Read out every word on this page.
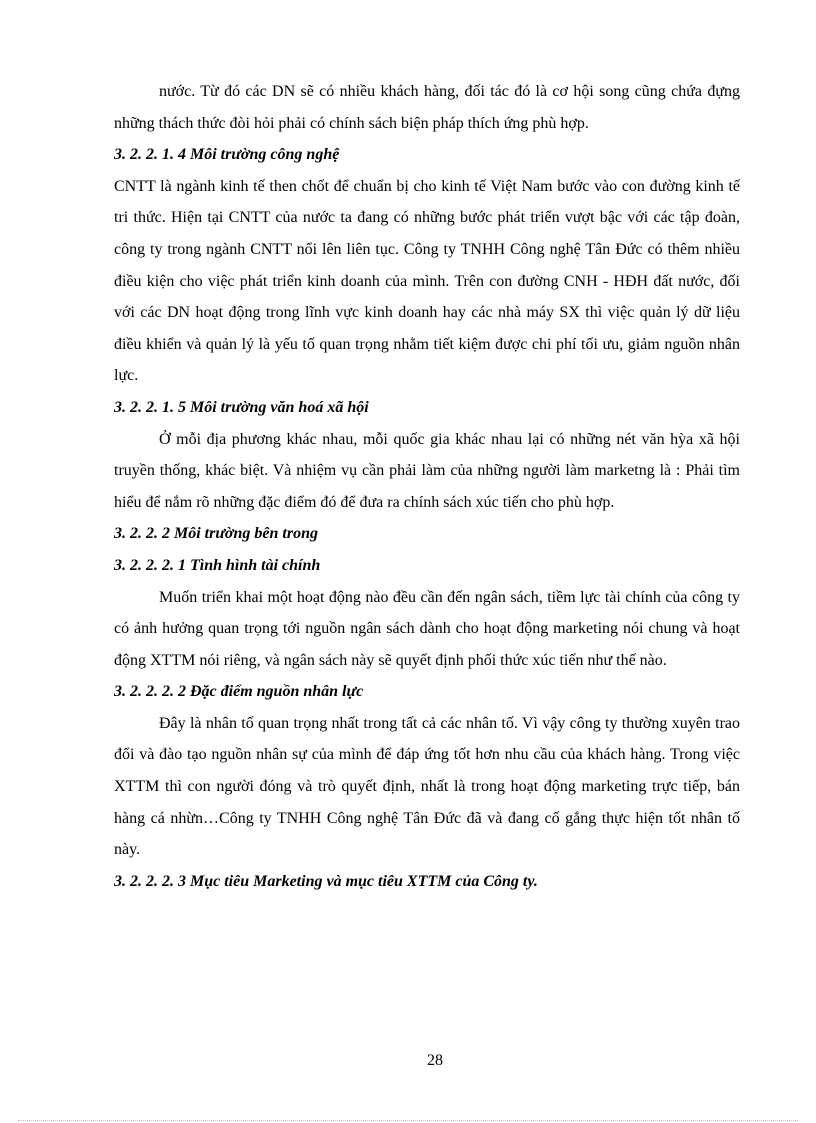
nước. Từ đó các DN sẽ có nhiều khách hàng, đối tác đó là cơ hội song cũng chứa đựng những thách thức đòi hỏi phải có chính sách biện pháp thích ứng phù hợp.

3. 2. 2. 1. 4 Môi trường công nghệ

CNTT là ngành kinh tế then chốt để chuẩn bị cho kinh tế Việt Nam bước vào con đường kinh tế tri thức. Hiện tại CNTT của nước ta đang có những bước phát triển vượt bậc với các tập đoàn, công ty trong ngành CNTT nổi lên liên tục. Công ty TNHH Công nghệ Tân Đức có thêm nhiều điều kiện cho việc phát triển kinh doanh của mình. Trên con đường CNH - HĐH đất nước, đối với các DN hoạt động trong lĩnh vực kinh doanh hay các nhà máy SX thì việc quản lý dữ liệu điều khiển và quản lý là yếu tố quan trọng nhằm tiết kiệm được chi phí tối ưu, giảm nguồn nhân lực.

3. 2. 2. 1. 5 Môi trường văn hoá xã hội

Ở mỗi địa phương khác nhau, mỗi quốc gia khác nhau lại có những nét văn hỳa xã hội truyền thống, khác biệt. Và nhiệm vụ cần phải làm của những người làm marketng là : Phải tìm hiểu để nắm rõ những đặc điểm đó để đưa ra chính sách xúc tiến cho phù hợp.

3. 2. 2. 2 Môi trường bên trong
3. 2. 2. 2. 1 Tình hình tài chính

Muốn triển khai một hoạt động nào đều cần đến ngân sách, tiềm lực tài chính của công ty có ảnh hưởng quan trọng tới nguồn ngân sách dành cho hoạt động marketing nói chung và hoạt động XTTM nói riêng, và ngân sách này sẽ quyết định phối thức xúc tiến như thế nào.

3. 2. 2. 2. 2 Đặc điểm nguồn nhân lực

Đây là nhân tố quan trọng nhất trong tất cả các nhân tố. Vì vậy công ty thường xuyên trao đổi và đào tạo nguồn nhân sự của mình để đáp ứng tốt hơn nhu cầu của khách hàng. Trong việc XTTM thì con người đóng và trò quyết định, nhất là trong hoạt động marketing trực tiếp, bán hàng cá nhừn…Công ty TNHH Công nghệ Tân Đức đã và đang cố gắng thực hiện tốt nhân tố này.

3. 2. 2. 2. 3 Mục tiêu Marketing và mục tiêu XTTM của Công ty.
28
